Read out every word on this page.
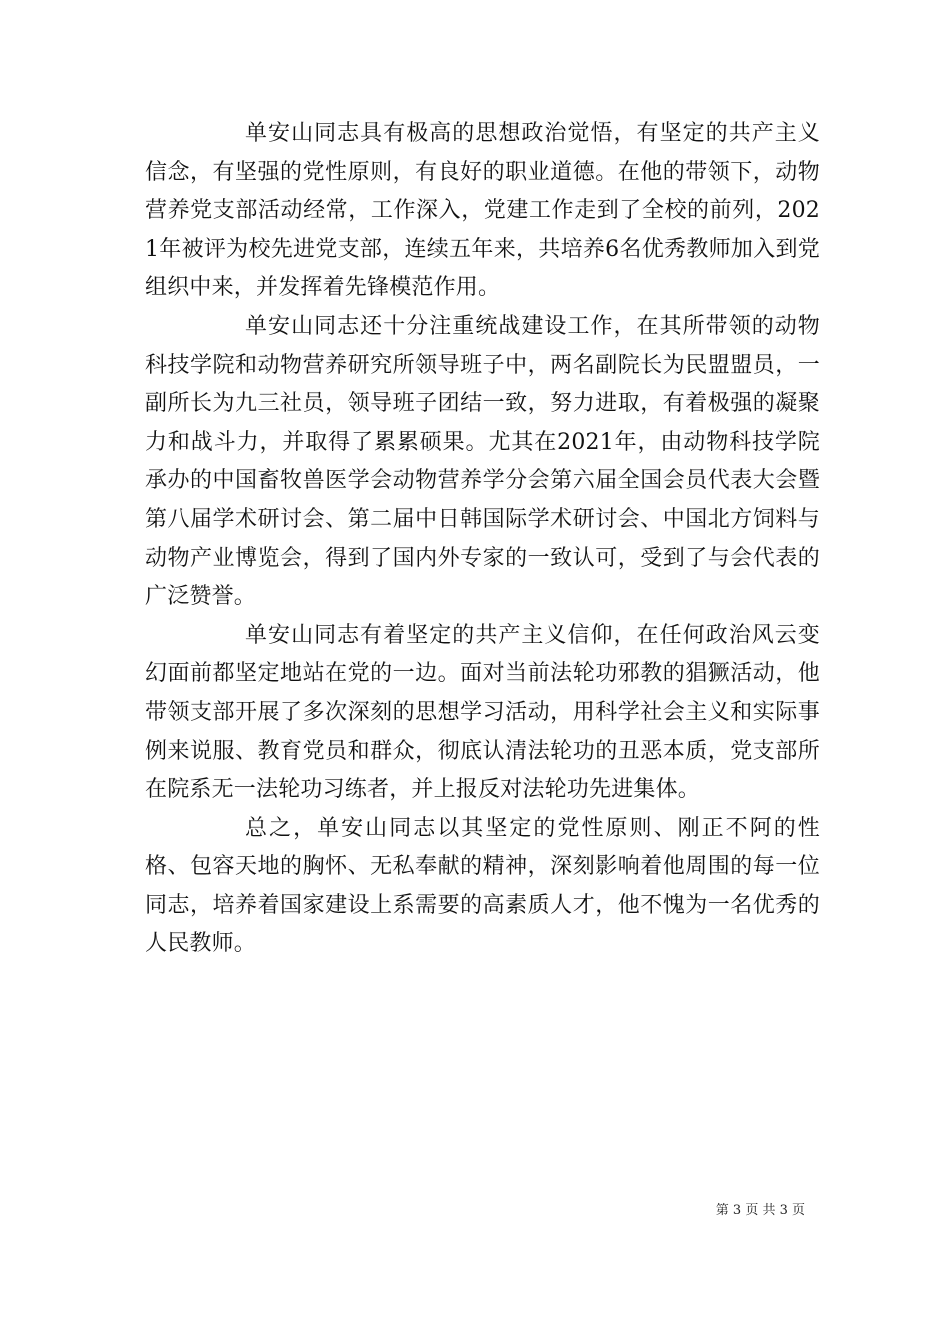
单安山同志具有极高的思想政治觉悟，有坚定的共产主义信念，有坚强的党性原则，有良好的职业道德。在他的带领下，动物营养党支部活动经常，工作深入，党建工作走到了全校的前列，2021年被评为校先进党支部，连续五年来，共培养6名优秀教师加入到党组织中来，并发挥着先锋模范作用。

单安山同志还十分注重统战建设工作，在其所带领的动物科技学院和动物营养研究所领导班子中，两名副院长为民盟盟员，一副所长为九三社员，领导班子团结一致，努力进取，有着极强的凝聚力和战斗力，并取得了累累硕果。尤其在2021年，由动物科技学院承办的中国畜牧兽医学会动物营养学分会第六届全国会员代表大会暨第八届学术研讨会、第二届中日韩国际学术研讨会、中国北方饲料与动物产业博览会，得到了国内外专家的一致认可，受到了与会代表的广泛赞誉。

单安山同志有着坚定的共产主义信仰，在任何政治风云变幻面前都坚定地站在党的一边。面对当前法轮功邪教的猖獗活动，他带领支部开展了多次深刻的思想学习活动，用科学社会主义和实际事例来说服、教育党员和群众，彻底认清法轮功的丑恶本质，党支部所在院系无一法轮功习练者，并上报反对法轮功先进集体。

总之，单安山同志以其坚定的党性原则、刚正不阿的性格、包容天地的胸怀、无私奉献的精神，深刻影响着他周围的每一位同志，培养着国家建设上系需要的高素质人才，他不愧为一名优秀的人民教师。

第 3 页 共 3 页
